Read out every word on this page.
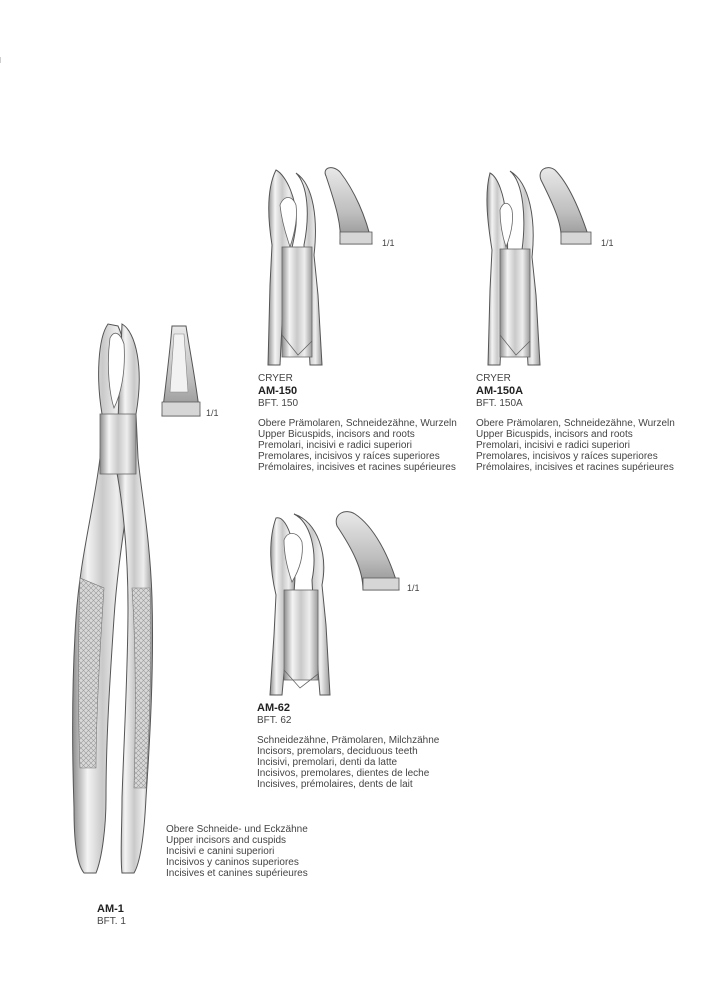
1/1
CRYER
AM-150
BFT. 150
Obere Prämolaren, Schneidezähne, Wurzeln
Upper Bicuspids, incisors and roots
Premolari, incisivi e radici superiori
Premolares, incisivos y raíces superiores
Prémolaires, incisives et racines supérieures
1/1
CRYER
AM-150A
BFT. 150A
Obere Prämolaren, Schneidezähne, Wurzeln
Upper Bicuspids, incisors and roots
Premolari, incisivi e radici superiori
Premolares, incisivos y raíces superiores
Prémolaires, incisives et racines supérieures
1/1
AM-62
BFT. 62
Schneidezähne, Prämolaren, Milchzähne
Incisors, premolars, deciduous teeth
Incisivi, premolari, denti da latte
Incisivos, premolares, dientes de leche
Incisives, prémolaires, dents de lait
1/1
Obere Schneide- und Eckzähne
Upper incisors and cuspids
Incisivi e canini superiori
Incisivos y caninos superiores
Incisives et canines supérieures
AM-1
BFT. 1
